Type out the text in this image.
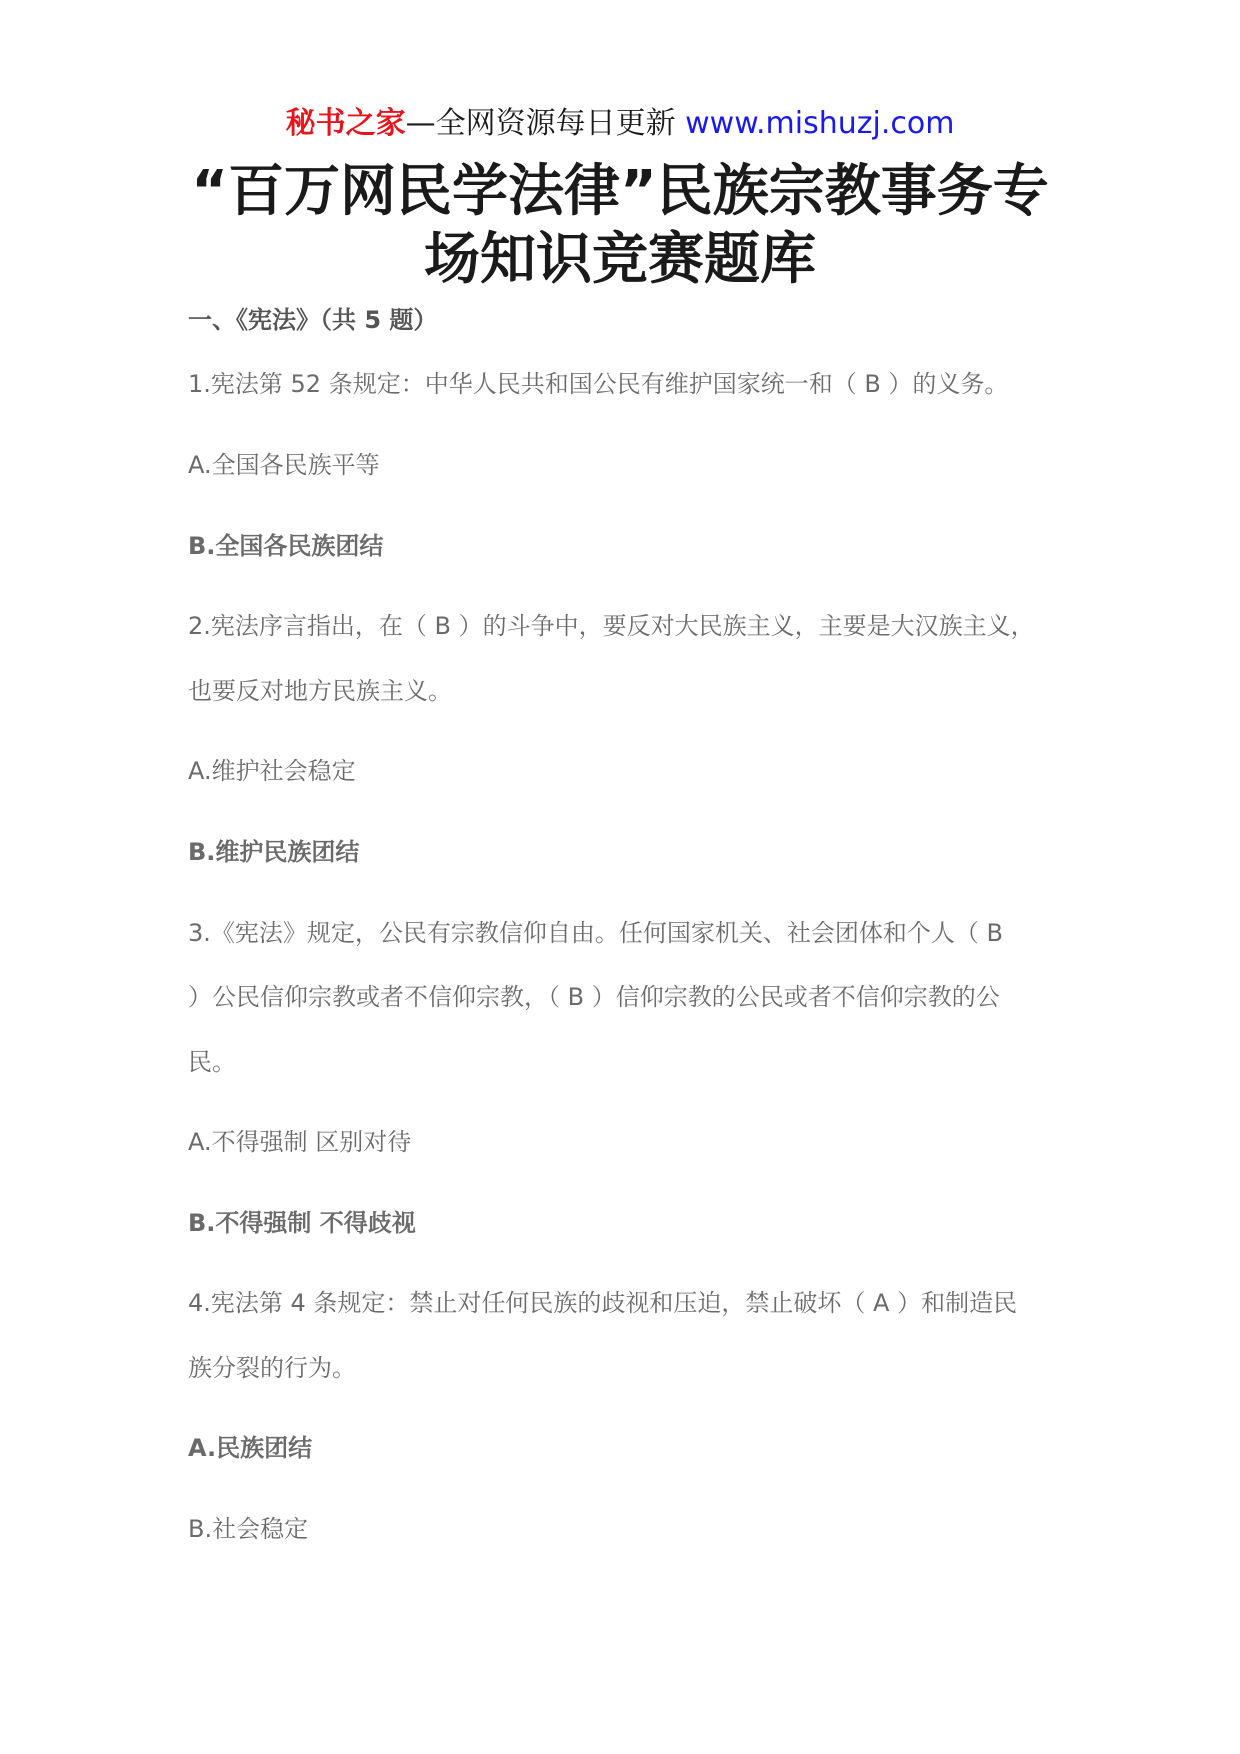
秘书之家—全网资源每日更新 www.mishuzj.com
“百万网民学法律”民族宗教事务专
场知识竞赛题库
一、《宪法》（共 5 题）
1.宪法第 52 条规定：中华人民共和国公民有维护国家统一和（ B ）的义务。
A.全国各民族平等
B.全国各民族团结
2.宪法序言指出，在（ B ）的斗争中，要反对大民族主义，主要是大汉族主义，
也要反对地方民族主义。
A.维护社会稳定
B.维护民族团结
3.《宪法》规定，公民有宗教信仰自由。任何国家机关、社会团体和个人（ B
）公民信仰宗教或者不信仰宗教，（ B ）信仰宗教的公民或者不信仰宗教的公
民。
A.不得强制 区别对待
B.不得强制 不得歧视
4.宪法第 4 条规定：禁止对任何民族的歧视和压迫，禁止破坏（ A ）和制造民
族分裂的行为。
A.民族团结
B.社会稳定
